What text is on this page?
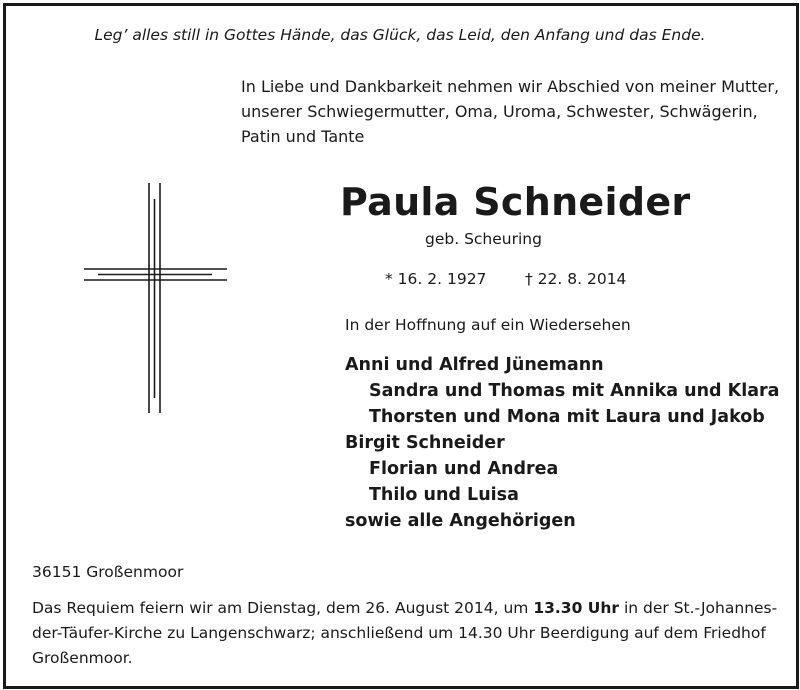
Leg’ alles still in Gottes Hände, das Glück, das Leid, den Anfang und das Ende.
In Liebe und Dankbarkeit nehmen wir Abschied von meiner Mutter,
unserer Schwiegermutter, Oma, Uroma, Schwester, Schwägerin,
Patin und Tante
Paula Schneider
geb. Scheuring
* 16. 2. 1927 † 22. 8. 2014
In der Hoffnung auf ein Wiedersehen
Anni und Alfred Jünemann
Sandra und Thomas mit Annika und Klara
Thorsten und Mona mit Laura und Jakob
Birgit Schneider
Florian und Andrea
Thilo und Luisa
sowie alle Angehörigen
36151 Großenmoor
Das Requiem feiern wir am Dienstag, dem 26. August 2014, um 13.30 Uhr in der St.-Johannes-
der-Täufer-Kirche zu Langenschwarz; anschließend um 14.30 Uhr Beerdigung auf dem Friedhof
Großenmoor.
